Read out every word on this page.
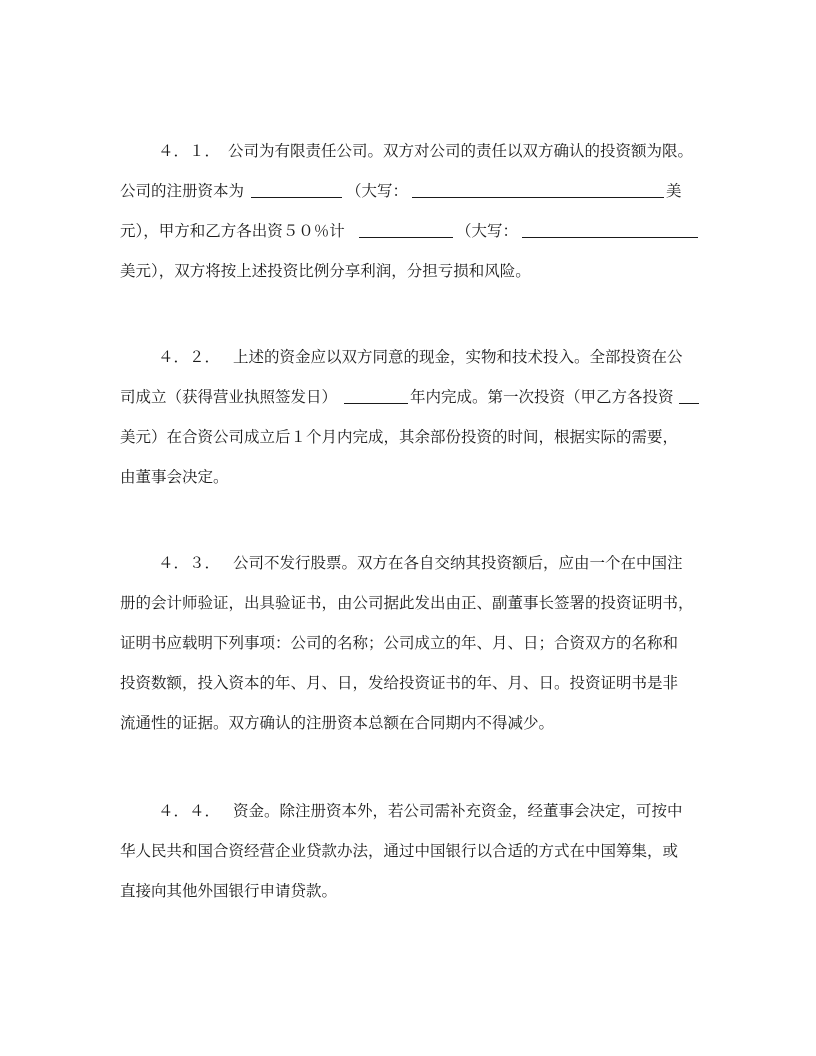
４．１． 公司为有限责任公司。双方对公司的责任以双方确认的投资额为限。
公司的注册资本为	（大写：	美
元），甲方和乙方各出资５０％计	（大写：
美元），双方将按上述投资比例分享利润，分担亏损和风险。
４．２． 上述的资金应以双方同意的现金，实物和技术投入。全部投资在公
司成立（获得营业执照签发日）	年内完成。第一次投资（甲乙方各投资
美元）在合资公司成立后１个月内完成，其余部份投资的时间，根据实际的需要，
由董事会决定。
４．３． 公司不发行股票。双方在各自交纳其投资额后，应由一个在中国注
册的会计师验证，出具验证书，由公司据此发出由正、副董事长签署的投资证明书，
证明书应载明下列事项：公司的名称；公司成立的年、月、日；合资双方的名称和
投资数额，投入资本的年、月、日，发给投资证书的年、月、日。投资证明书是非
流通性的证据。双方确认的注册资本总额在合同期内不得减少。
４．４． 资金。除注册资本外，若公司需补充资金，经董事会决定，可按中
华人民共和国合资经营企业贷款办法，通过中国银行以合适的方式在中国筹集，或
直接向其他外国银行申请贷款。
